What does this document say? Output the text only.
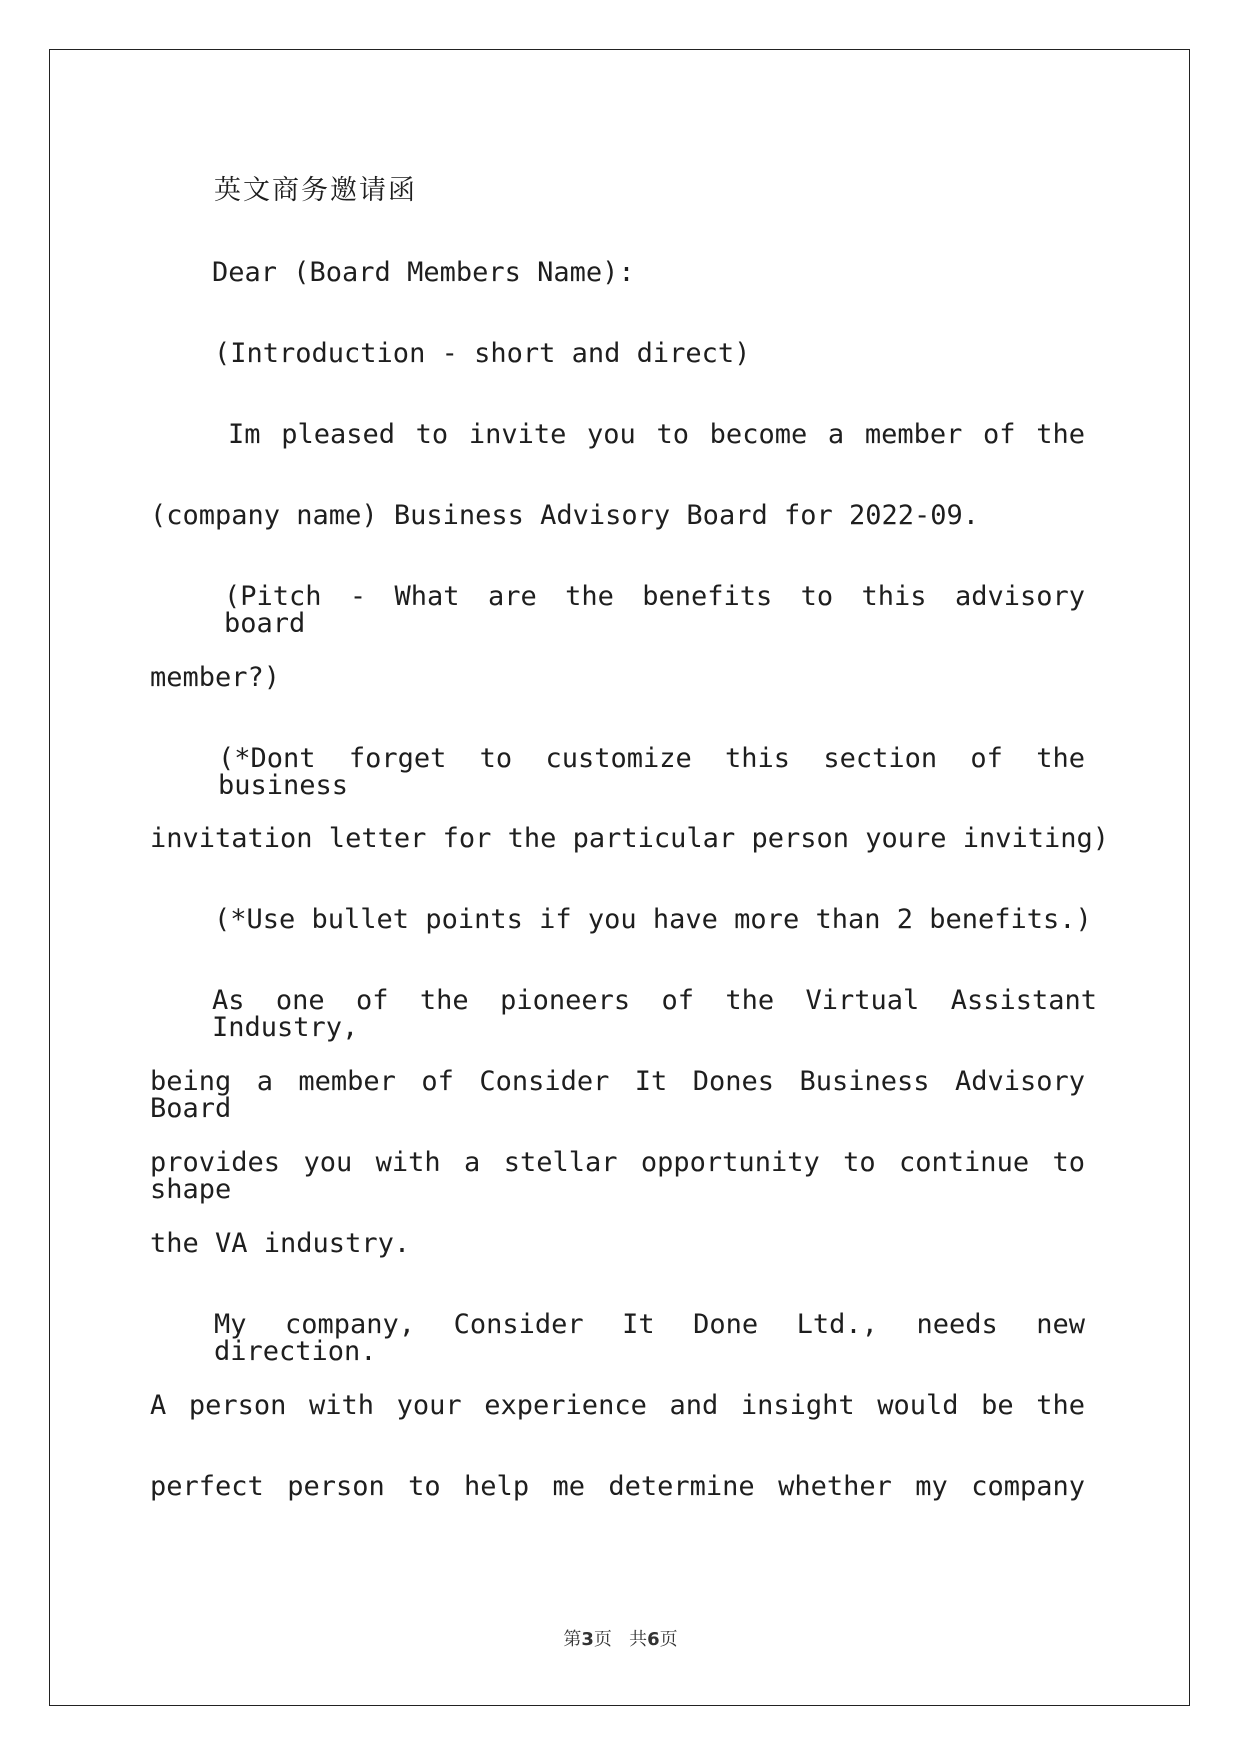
英文商务邀请函
Dear (Board Members Name):
(Introduction - short and direct)
Im pleased to invite you to become a member of the
(company name) Business Advisory Board for 2022-09.
(Pitch - What are the benefits to this advisory board
member?)
(*Dont forget to customize this section of the business
invitation letter for the particular person youre inviting)
(*Use bullet points if you have more than 2 benefits.)
As one of the pioneers of the Virtual Assistant Industry,
being a member of Consider It Dones Business Advisory Board
provides you with a stellar opportunity to continue to shape
the VA industry.
My company, Consider It Done Ltd., needs new direction.
A person with your experience and insight would be the
perfect person to help me determine whether my company
第3页   共6页
